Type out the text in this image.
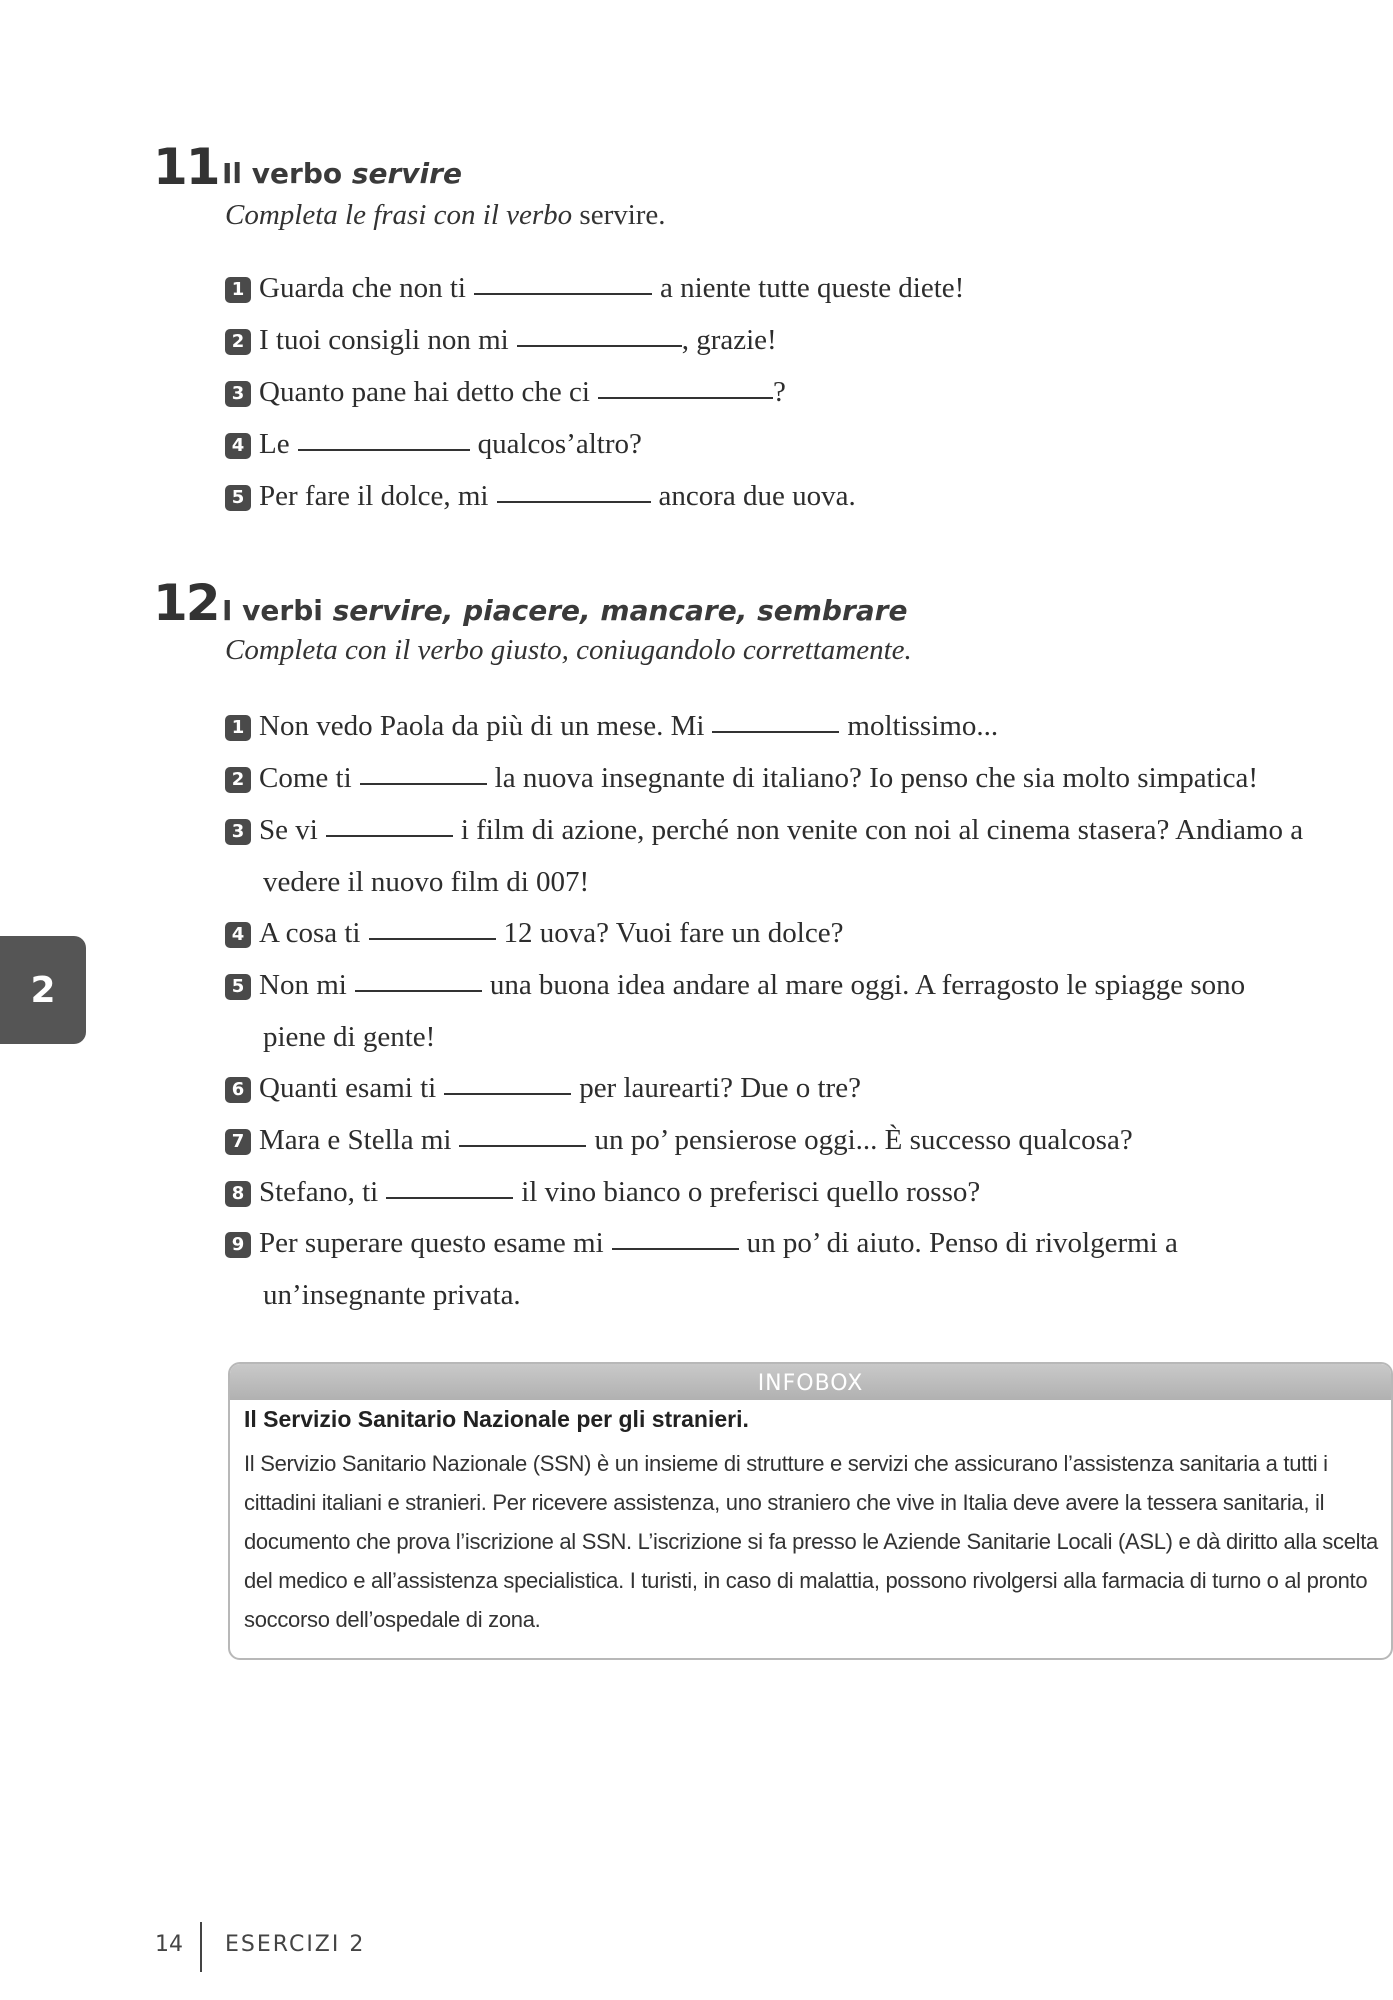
11 Il verbo servire
Completa le frasi con il verbo servire.
1 Guarda che non ti	a niente tutte queste diete!
2 I tuoi consigli non mi	, grazie!
3 Quanto pane hai detto che ci	?
4 Le	qualcos’altro?
5 Per fare il dolce, mi	ancora due uova.
12 I verbi servire, piacere, mancare, sembrare
Completa con il verbo giusto, coniugandolo correttamente.
1 Non vedo Paola da più di un mese. Mi	moltissimo...
2 Come ti	la nuova insegnante di italiano? Io penso che sia molto simpatica!
3 Se vi	i film di azione, perché non venite con noi al cinema stasera? Andiamo a
vedere il nuovo film di 007!
4 A cosa ti	12 uova? Vuoi fare un dolce?
5 Non mi	una buona idea andare al mare oggi. A ferragosto le spiagge sono
piene di gente!
6 Quanti esami ti	per laurearti? Due o tre?
7 Mara e Stella mi	un po’ pensierose oggi... È successo qualcosa?
8 Stefano, ti	il vino bianco o preferisci quello rosso?
9 Per superare questo esame mi	un po’ di aiuto. Penso di rivolgermi a
un’insegnante privata.
2
INFOBOX
Il Servizio Sanitario Nazionale per gli stranieri.
Il Servizio Sanitario Nazionale (SSN) è un insieme di strutture e servizi che assicurano l’assistenza sanitaria a tutti i
cittadini italiani e stranieri. Per ricevere assistenza, uno straniero che vive in Italia deve avere la tessera sanitaria, il
documento che prova l’iscrizione al SSN. L’iscrizione si fa presso le Aziende Sanitarie Locali (ASL) e dà diritto alla scelta
del medico e all’assistenza specialistica. I turisti, in caso di malattia, possono rivolgersi alla farmacia di turno o al pronto
soccorso dell’ospedale di zona.
14 ESERCIZI 2
